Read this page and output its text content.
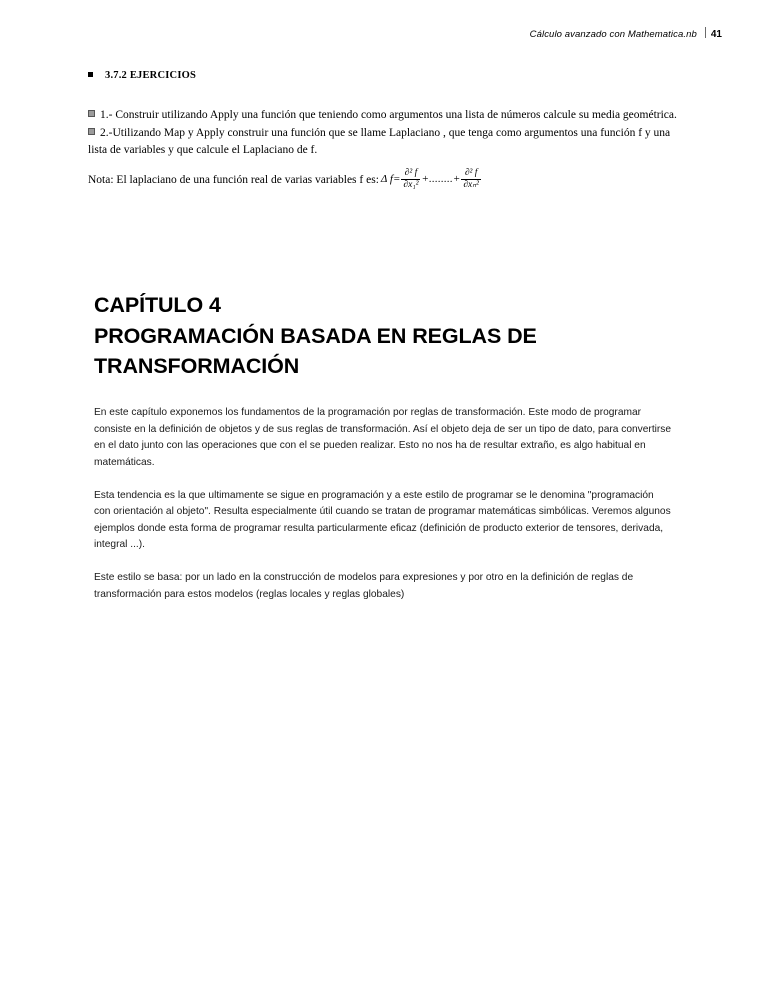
Cálculo avanzado con Mathematica.nb 41
3.7.2 EJERCICIOS
1.- Construir utilizando Apply una función que teniendo como argumentos una lista de números calcule su media geométrica.
2.-Utilizando Map y Apply construir una función que se llame Laplaciano , que tenga como argumentos una función f y una lista de variables y que calcule el Laplaciano de f.
Nota: El laplaciano de una función real de varias variables f es: Δ $f= \frac{\text{∂² f}}{\text{∂x₁²}}$ + ........ + $\frac{\text{∂² f}}{\text{∂xₙ²}}$
CAPÍTULO 4
PROGRAMACIÓN BASADA EN REGLAS DE
TRANSFORMACIÓN

En este capítulo exponemos los fundamentos de la programación por reglas de transformación. Este modo de programar consiste en la definición de objetos y de sus reglas de transformación. Así el objeto deja de ser un tipo de dato, para convertirse en el dato junto con las operaciones que con el se pueden realizar. Esto no nos ha de resultar extraño, es algo habitual en matemáticas.

Esta tendencia es la que ultimamente se sigue en programación y a este estilo de programar se le denomina "programación con orientación al objeto". Resulta especialmente útil cuando se tratan de programar matemáticas simbólicas. Veremos algunos ejemplos donde esta forma de programar resulta particularmente eficaz (definición de producto exterior de tensores, derivada, integral ...).

Este estilo se basa: por un lado en la construcción de modelos para expresiones y por otro en la definición de reglas de transformación para estos modelos (reglas locales y reglas globales)
